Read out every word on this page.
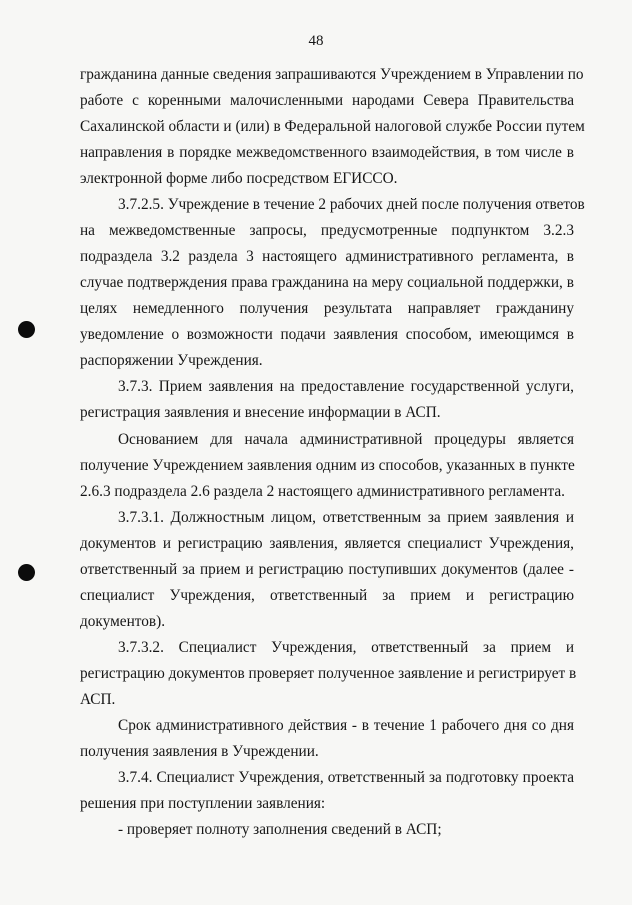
48
гражданина данные сведения запрашиваются Учреждением в Управлении по
работе с коренными малочисленными народами Севера Правительства
Сахалинской области и (или) в Федеральной налоговой службе России путем
направления в порядке межведомственного взаимодействия, в том числе в
электронной форме либо посредством ЕГИССО.
3.7.2.5. Учреждение в течение 2 рабочих дней после получения ответов
на межведомственные запросы, предусмотренные подпунктом 3.2.3
подраздела 3.2 раздела 3 настоящего административного регламента, в
случае подтверждения права гражданина на меру социальной поддержки, в
целях немедленного получения результата направляет гражданину
уведомление о возможности подачи заявления способом, имеющимся в
распоряжении Учреждения.
3.7.3. Прием заявления на предоставление государственной услуги,
регистрация заявления и внесение информации в АСП.
Основанием для начала административной процедуры является
получение Учреждением заявления одним из способов, указанных в пункте
2.6.3 подраздела 2.6 раздела 2 настоящего административного регламента.
3.7.3.1. Должностным лицом, ответственным за прием заявления и
документов и регистрацию заявления, является специалист Учреждения,
ответственный за прием и регистрацию поступивших документов (далее -
специалист Учреждения, ответственный за прием и регистрацию
документов).
3.7.3.2. Специалист Учреждения, ответственный за прием и
регистрацию документов проверяет полученное заявление и регистрирует в
АСП.
Срок административного действия - в течение 1 рабочего дня со дня
получения заявления в Учреждении.
3.7.4. Специалист Учреждения, ответственный за подготовку проекта
решения при поступлении заявления:
- проверяет полноту заполнения сведений в АСП;
